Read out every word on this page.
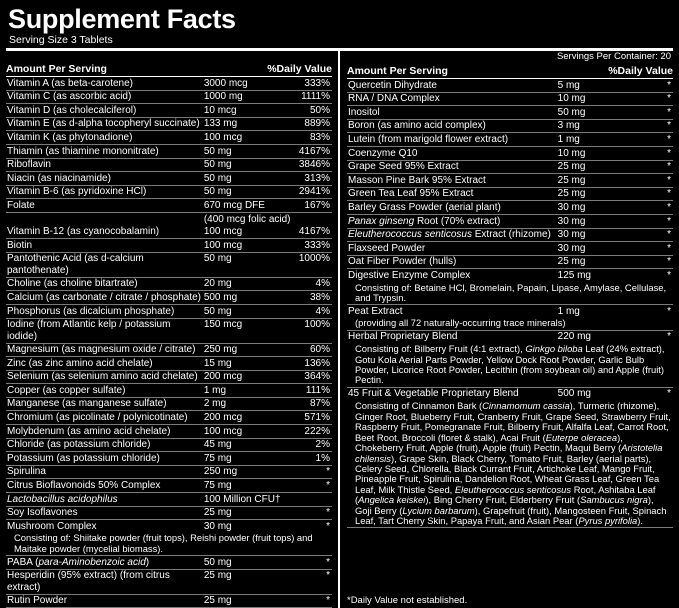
Supplement Facts
Serving Size 3 Tablets
Amount Per Serving	%Daily Value
Vitamin A (as beta-carotene)	3000 mcg	333%
Vitamin C (as ascorbic acid)	1000 mg	1111%
Vitamin D (as cholecalciferol)	10 mcg	50%
Vitamin E (as d-alpha tocopheryl succinate)	133 mg	889%
Vitamin K (as phytonadione)	100 mcg	83%
Thiamin (as thiamine mononitrate)	50 mg	4167%
Riboflavin	50 mg	3846%
Niacin (as niacinamide)	50 mg	313%
Vitamin B-6 (as pyridoxine HCl)	50 mg	2941%
Folate	670 mcg DFE	167%
	(400 mcg folic acid)	
Vitamin B-12 (as cyanocobalamin)	100 mcg	4167%
Biotin	100 mcg	333%
Pantothenic Acid (as d-calcium pantothenate)	50 mg	1000%
Choline (as choline bitartrate)	20 mg	4%
Calcium (as carbonate / citrate / phosphate)	500 mg	38%
Phosphorus (as dicalcium phosphate)	50 mg	4%
Iodine (from Atlantic kelp / potassium iodide)	150 mcg	100%
Magnesium (as magnesium oxide / citrate)	250 mg	60%
Zinc (as zinc amino acid chelate)	15 mg	136%
Selenium (as selenium amino acid chelate)	200 mcg	364%
Copper (as copper sulfate)	1 mg	111%
Manganese (as manganese sulfate)	2 mg	87%
Chromium (as picolinate / polynicotinate)	200 mcg	571%
Molybdenum (as amino acid chelate)	100 mcg	222%
Chloride (as potassium chloride)	45 mg	2%
Potassium (as potassium chloride)	75 mg	1%
Spirulina	250 mg	*
Citrus Bioflavonoids 50% Complex	75 mg	*
Lactobacillus acidophilus	100 Million CFU†	
Soy Isoflavones	25 mg	*
Mushroom Complex	30 mg	*
Consisting of: Shiitake powder (fruit tops), Reishi powder (fruit tops) and Maitake powder (mycelial biomass).		
PABA (para-Aminobenzoic acid)	50 mg	*
Hesperidin (95% extract) (from citrus extract)	25 mg	*
Rutin Powder	25 mg	*
Servings Per Container: 20
Amount Per Serving	%Daily Value
Quercetin Dihydrate	5 mg	*
RNA / DNA Complex	10 mg	*
Inositol	50 mg	*
Boron (as amino acid complex)	3 mg	*
Lutein (from marigold flower extract)	1 mg	*
Coenzyme Q10	10 mg	*
Grape Seed 95% Extract	25 mg	*
Masson Pine Bark 95% Extract	25 mg	*
Green Tea Leaf 95% Extract	25 mg	*
Barley Grass Powder (aerial plant)	30 mg	*
Panax ginseng Root (70% extract)	30 mg	*
Eleutherococcus senticosus Extract (rhizome)	30 mg	*
Flaxseed Powder	30 mg	*
Oat Fiber Powder (hulls)	25 mg	*
Digestive Enzyme Complex	125 mg	*
Consisting of: Betaine HCl, Bromelain, Papain, Lipase, Amylase, Cellulase, and Trypsin.		
Peat Extract	1 mg	*
(providing all 72 naturally-occurring trace minerals)		
Herbal Proprietary Blend	220 mg	*
Consisting of: Bilberry Fruit (4:1 extract), Ginkgo biloba Leaf (24% extract), Gotu Kola Aerial Parts Powder, Yellow Dock Root Powder, Garlic Bulb Powder, Licorice Root Powder, Lecithin (from soybean oil) and Apple (fruit) Pectin.		
45 Fruit & Vegetable Proprietary Blend	500 mg	*
Consisting of Cinnamon Bark (Cinnamomum cassia), Turmeric (rhizome), Ginger Root, Blueberry Fruit, Cranberry Fruit, Grape Seed, Strawberry Fruit, Raspberry Fruit, Pomegranate Fruit, Bilberry Fruit, Alfalfa Leaf, Carrot Root, Beet Root, Broccoli (floret & stalk), Acai Fruit (Euterpe oleracea), Chokeberry Fruit, Apple (fruit), Apple (fruit) Pectin, Maqui Berry (Aristotelia chilensis), Grape Skin, Black Cherry, Tomato Fruit, Barley (aerial parts), Celery Seed, Chlorella, Black Currant Fruit, Artichoke Leaf, Mango Fruit, Pineapple Fruit, Spirulina, Dandelion Root, Wheat Grass Leaf, Green Tea Leaf, Milk Thistle Seed, Eleutherococcus senticosus Root, Ashitaba Leaf (Angelica keiskei), Bing Cherry Fruit, Elderberry Fruit (Sambucus nigra), Goji Berry (Lycium barbarum), Grapefruit (fruit), Mangosteen Fruit, Spinach Leaf, Tart Cherry Skin, Papaya Fruit, and Asian Pear (Pyrus pyrifolia).		
*Daily Value not established.
